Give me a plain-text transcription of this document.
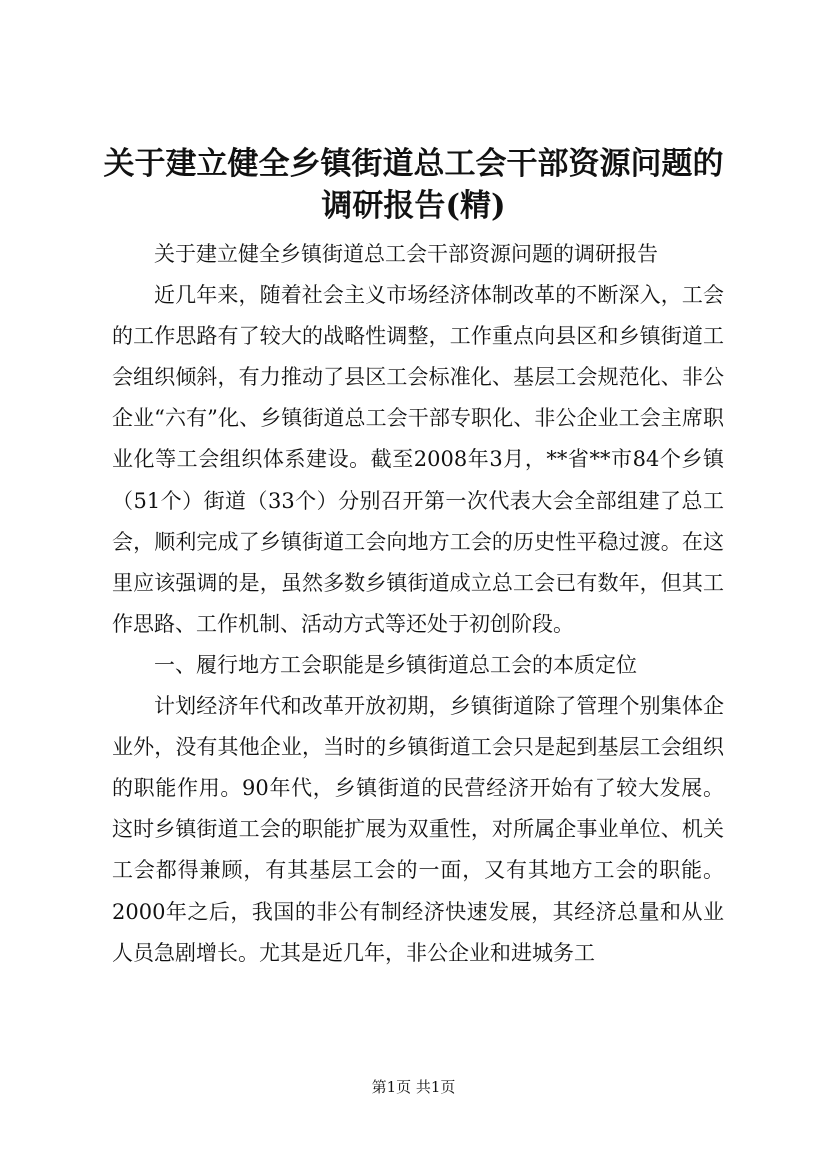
关于建立健全乡镇街道总工会干部资源问题的
调研报告(精)

关于建立健全乡镇街道总工会干部资源问题的调研报告

近几年来，随着社会主义市场经济体制改革的不断深入，工会的工作思路有了较大的战略性调整，工作重点向县区和乡镇街道工会组织倾斜，有力推动了县区工会标准化、基层工会规范化、非公企业“六有”化、乡镇街道总工会干部专职化、非公企业工会主席职业化等工会组织体系建设。截至2008年3月，**省**市84个乡镇（51个）街道（33个）分别召开第一次代表大会全部组建了总工会，顺利完成了乡镇街道工会向地方工会的历史性平稳过渡。在这里应该强调的是，虽然多数乡镇街道成立总工会已有数年，但其工作思路、工作机制、活动方式等还处于初创阶段。

一、履行地方工会职能是乡镇街道总工会的本质定位

计划经济年代和改革开放初期，乡镇街道除了管理个别集体企业外，没有其他企业，当时的乡镇街道工会只是起到基层工会组织的职能作用。90年代，乡镇街道的民营经济开始有了较大发展。这时乡镇街道工会的职能扩展为双重性，对所属企事业单位、机关工会都得兼顾，有其基层工会的一面，又有其地方工会的职能。2000年之后，我国的非公有制经济快速发展，其经济总量和从业人员急剧增长。尤其是近几年，非公企业和进城务工

第1页 共1页
